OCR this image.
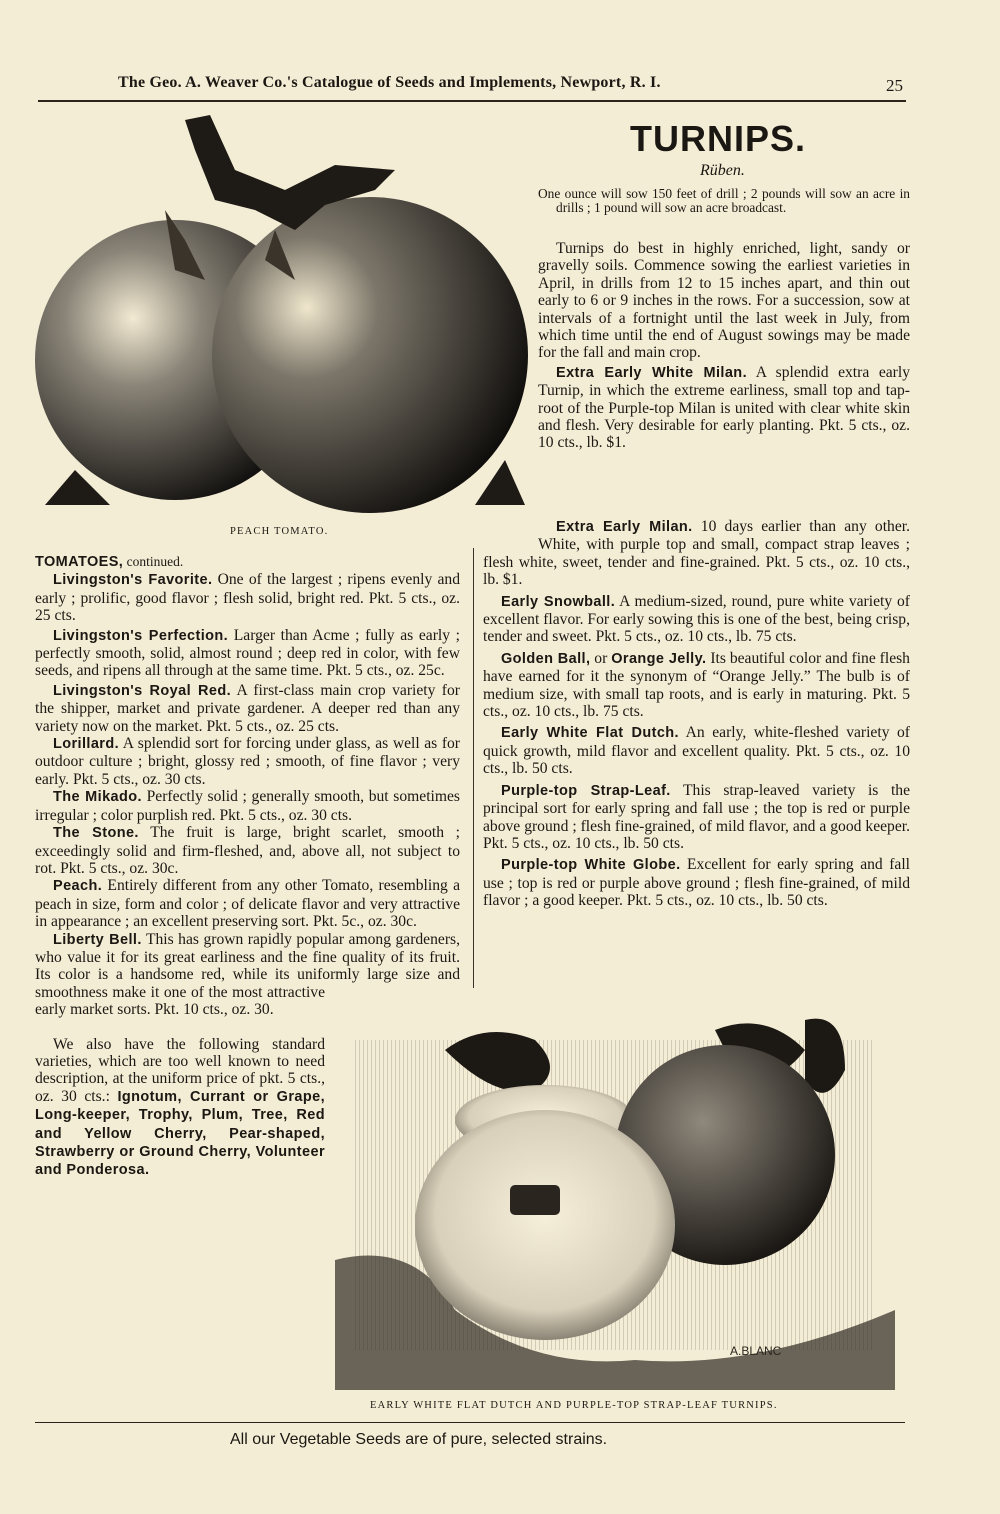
The Geo. A. Weaver Co.'s Catalogue of Seeds and Implements, Newport, R. I.	25
PEACH TOMATO.
TURNIPS.
Rüben.

One ounce will sow 150 feet of drill ; 2 pounds will sow an acre in drills ; 1 pound will sow an acre broadcast.

Turnips do best in highly enriched, light, sandy or gravelly soils. Commence sowing the earliest varieties in April, in drills from 12 to 15 inches apart, and thin out early to 6 or 9 inches in the rows. For a succession, sow at intervals of a fortnight until the last week in July, from which time until the end of August sowings may be made for the fall and main crop.

Extra Early White Milan. A splendid extra early Turnip, in which the extreme earliness, small top and tap-root of the Purple-top Milan is united with clear white skin and flesh. Very desirable for early planting. Pkt. 5 cts., oz. 10 cts., lb. $1.

Extra Early Milan. 10 days earlier than any other. White, with purple top and small, compact strap leaves ; flesh white, sweet, tender and fine-grained. Pkt. 5 cts., oz. 10 cts., lb. $1.

Early Snowball. A medium-sized, round, pure white variety of excellent flavor. For early sowing this is one of the best, being crisp, tender and sweet. Pkt. 5 cts., oz. 10 cts., lb. 75 cts.

Golden Ball, or Orange Jelly. Its beautiful color and fine flesh have earned for it the synonym of “Orange Jelly.” The bulb is of medium size, with small tap roots, and is early in maturing. Pkt. 5 cts., oz. 10 cts., lb. 75 cts.

Early White Flat Dutch. An early, white-fleshed variety of quick growth, mild flavor and excellent quality. Pkt. 5 cts., oz. 10 cts., lb. 50 cts.

Purple-top Strap-Leaf. This strap-leaved variety is the principal sort for early spring and fall use ; the top is red or purple above ground ; flesh fine-grained, of mild flavor, and a good keeper. Pkt. 5 cts., oz. 10 cts., lb. 50 cts.

Purple-top White Globe. Excellent for early spring and fall use ; top is red or purple above ground ; flesh fine-grained, of mild flavor ; a good keeper. Pkt. 5 cts., oz. 10 cts., lb. 50 cts.

TOMATOES, continued.

Livingston's Favorite. One of the largest ; ripens evenly and early ; prolific, good flavor ; flesh solid, bright red. Pkt. 5 cts., oz. 25 cts.

Livingston's Perfection. Larger than Acme ; fully as early ; perfectly smooth, solid, almost round ; deep red in color, with few seeds, and ripens all through at the same time. Pkt. 5 cts., oz. 25c.

Livingston's Royal Red. A first-class main crop variety for the shipper, market and private gardener. A deeper red than any variety now on the market. Pkt. 5 cts., oz. 25 cts.

Lorillard. A splendid sort for forcing under glass, as well as for outdoor culture ; bright, glossy red ; smooth, of fine flavor ; very early. Pkt. 5 cts., oz. 30 cts.

The Mikado. Perfectly solid ; generally smooth, but sometimes irregular ; color purplish red. Pkt. 5 cts., oz. 30 cts.

The Stone. The fruit is large, bright scarlet, smooth ; exceedingly solid and firm-fleshed, and, above all, not subject to rot. Pkt. 5 cts., oz. 30c.

Peach. Entirely different from any other Tomato, resembling a peach in size, form and color ; of delicate flavor and very attractive in appearance ; an excellent preserving sort. Pkt. 5c., oz. 30c.

Liberty Bell. This has grown rapidly popular among gardeners, who value it for its great earliness and the fine quality of its fruit. Its color is a handsome red, while its uniformly large size and smoothness make it one of the most attractive early market sorts. Pkt. 10 cts., oz. 30.

We also have the following standard varieties, which are too well known to need description, at the uniform price of pkt. 5 cts., oz. 30 cts.: Ignotum, Currant or Grape, Long-keeper, Trophy, Plum, Tree, Red and Yellow Cherry, Pear-shaped, Strawberry or Ground Cherry, Volunteer and Ponderosa.

A.BLANC
EARLY WHITE FLAT DUTCH AND PURPLE-TOP STRAP-LEAF TURNIPS.
All our Vegetable Seeds are of pure, selected strains.
